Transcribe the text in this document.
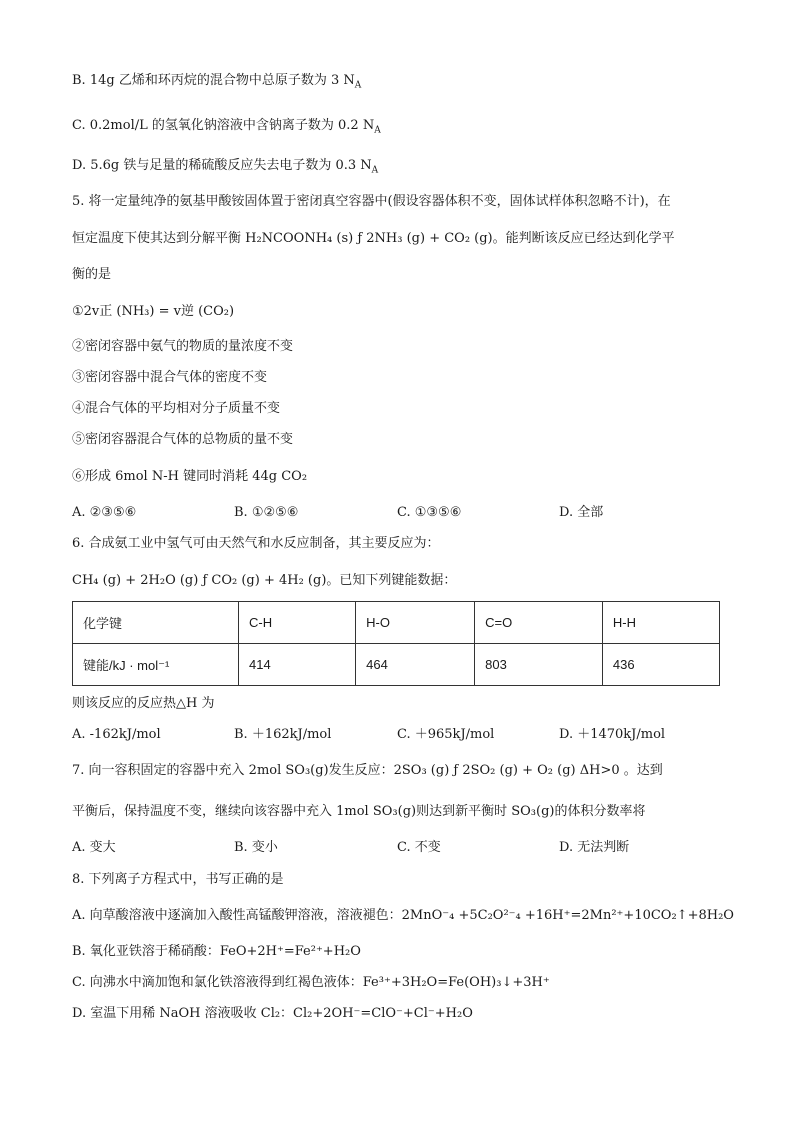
B. 14g 乙烯和环丙烷的混合物中总原子数为 3 $N_A$
C. 0.2mol/L 的氢氧化钠溶液中含钠离子数为 0.2 $N_A$
D. 5.6g 铁与足量的稀硫酸反应失去电子数为 0.3 $N_A$
5. 将一定量纯净的氨基甲酸铵固体置于密闭真空容器中(假设容器体积不变，固体试样体积忽略不计)，在
恒定温度下使其达到分解平衡 H₂NCOONH₄ (s) ƒ 2NH₃ (g) + CO₂ (g)。能判断该反应已经达到化学平
衡的是
①2v正 (NH₃) = v逆 (CO₂)
②密闭容器中氨气的物质的量浓度不变
③密闭容器中混合气体的密度不变
④混合气体的平均相对分子质量不变
⑤密闭容器混合气体的总物质的量不变
⑥形成 6mol N-H 键同时消耗 44g CO₂
A. ②③⑤⑥	B. ①②⑤⑥	C. ①③⑤⑥	D. 全部
6. 合成氨工业中氢气可由天然气和水反应制备，其主要反应为：
CH₄ (g) + 2H₂O (g) ƒ CO₂ (g) + 4H₂ (g)。已知下列键能数据：
化学键	C-H	H-O	C=O	H-H
键能/kJ · mol⁻¹	414	464	803	436
则该反应的反应热△H 为
A. -162kJ/mol	B. ＋162kJ/mol	C. ＋965kJ/mol	D. ＋1470kJ/mol
7. 向一容积固定的容器中充入 2mol SO₃(g)发生反应：2SO₃ (g) ƒ 2SO₂ (g) + O₂ (g) ΔH>0 。达到
平衡后，保持温度不变，继续向该容器中充入 1mol SO₃(g)则达到新平衡时 SO₃(g)的体积分数率将
A. 变大	B. 变小	C. 不变	D. 无法判断
8. 下列离子方程式中，书写正确的是
A. 向草酸溶液中逐滴加入酸性高锰酸钾溶液，溶液褪色：2MnO⁻₄ +5C₂O²⁻₄ +16H⁺=2Mn²⁺+10CO₂↑+8H₂O
B. 氧化亚铁溶于稀硝酸：FeO+2H⁺=Fe²⁺+H₂O
C. 向沸水中滴加饱和氯化铁溶液得到红褐色液体：Fe³⁺+3H₂O=Fe(OH)₃↓+3H⁺
D. 室温下用稀 NaOH 溶液吸收 Cl₂：Cl₂+2OH⁻=ClO⁻+Cl⁻+H₂O
